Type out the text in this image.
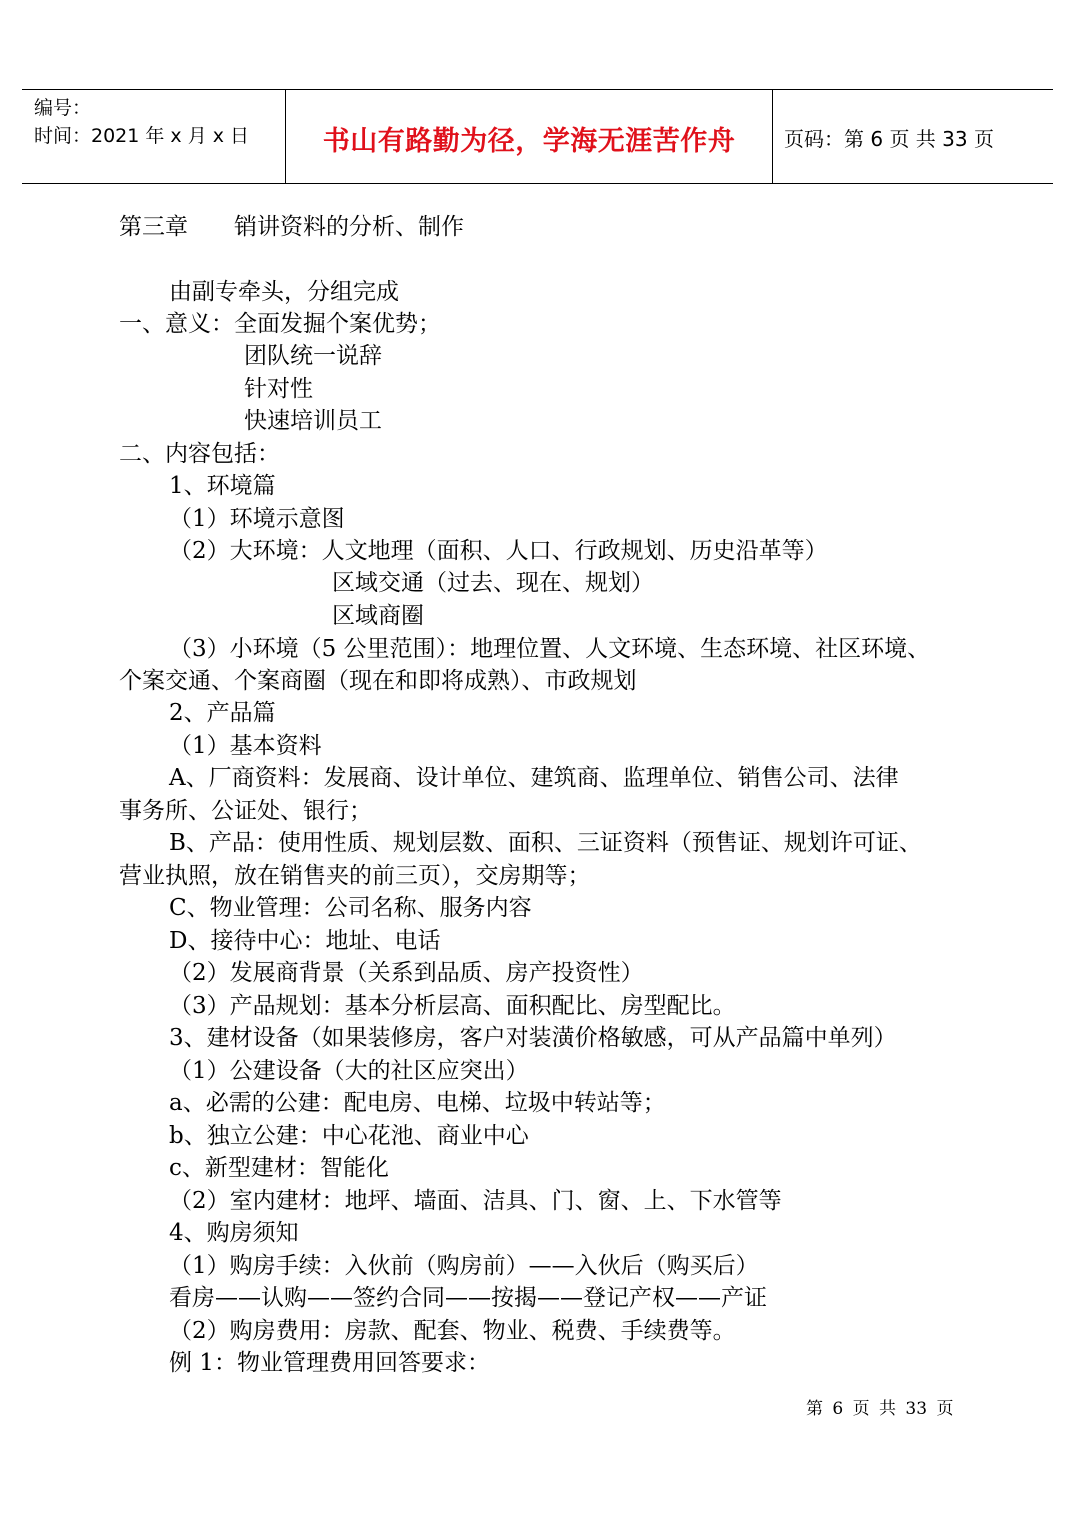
编号：
时间：2021 年 x 月 x 日	书山有路勤为径，学海无涯苦作舟	页码：第 6 页 共 33 页
第三章　　销讲资料的分析、制作
由副专牵头，分组完成
一、意义：全面发掘个案优势；
团队统一说辞
针对性
快速培训员工
二、内容包括：
1、环境篇
（1）环境示意图
（2）大环境：人文地理（面积、人口、行政规划、历史沿革等）
区域交通（过去、现在、规划）
区域商圈
（3）小环境（5 公里范围）：地理位置、人文环境、生态环境、社区环境、
个案交通、个案商圈（现在和即将成熟）、市政规划
2、产品篇
（1）基本资料
A、厂商资料：发展商、设计单位、建筑商、监理单位、销售公司、法律
事务所、公证处、银行；
B、产品：使用性质、规划层数、面积、三证资料（预售证、规划许可证、
营业执照，放在销售夹的前三页），交房期等；
C、物业管理：公司名称、服务内容
D、接待中心：地址、电话
（2）发展商背景（关系到品质、房产投资性）
（3）产品规划：基本分析层高、面积配比、房型配比。
3、建材设备（如果装修房，客户对装潢价格敏感，可从产品篇中单列）
（1）公建设备（大的社区应突出）
a、必需的公建：配电房、电梯、垃圾中转站等；
b、独立公建：中心花池、商业中心
c、新型建材：智能化
（2）室内建材：地坪、墙面、洁具、门、窗、上、下水管等
4、购房须知
（1）购房手续：入伙前（购房前）——入伙后（购买后）
看房——认购——签约合同——按揭——登记产权——产证
（2）购房费用：房款、配套、物业、税费、手续费等。
例 1：物业管理费用回答要求：
第 6 页 共 33 页
